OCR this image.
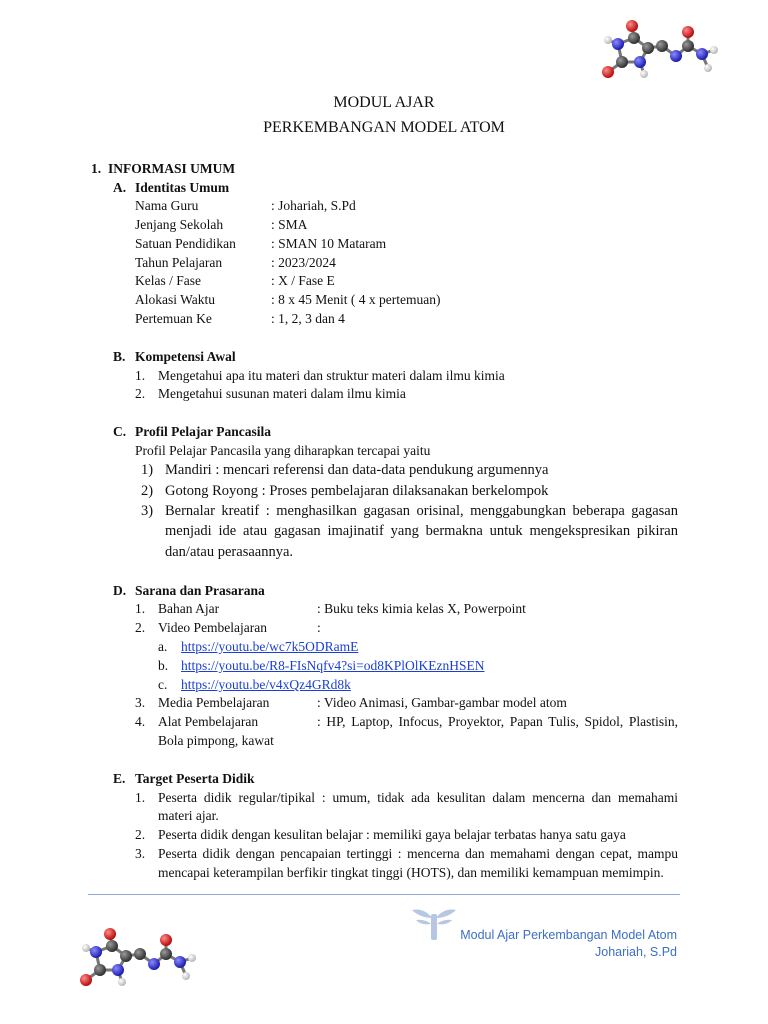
MODUL AJAR
PERKEMBANGAN MODEL ATOM
1. INFORMASI UMUM
A. Identitas Umum
Nama Guru	: Johariah, S.Pd
Jenjang Sekolah	: SMA
Satuan Pendidikan	: SMAN 10 Mataram
Tahun Pelajaran	: 2023/2024
Kelas / Fase	: X / Fase E
Alokasi Waktu	: 8 x 45 Menit ( 4 x pertemuan)
Pertemuan Ke	: 1, 2, 3 dan 4
B. Kompetensi Awal
1. Mengetahui apa itu materi dan struktur materi dalam ilmu kimia
2. Mengetahui susunan materi dalam ilmu kimia
C. Profil Pelajar Pancasila
Profil Pelajar Pancasila yang diharapkan tercapai yaitu
1) Mandiri : mencari referensi dan data-data pendukung argumennya
2) Gotong Royong : Proses pembelajaran dilaksanakan berkelompok
3) Bernalar kreatif : menghasilkan gagasan orisinal, menggabungkan beberapa gagasan
menjadi ide atau gagasan imajinatif yang bermakna untuk mengekspresikan pikiran
dan/atau perasaannya.
D. Sarana dan Prasarana
1. Bahan Ajar	: Buku teks kimia kelas X, Powerpoint
2. Video Pembelajaran	:
a. https://youtu.be/wc7k5ODRamE
b. https://youtu.be/R8-FIsNqfv4?si=od8KPlOlKEznHSEN
c. https://youtu.be/v4xQz4GRd8k
3. Media Pembelajaran	: Video Animasi, Gambar-gambar model atom
4. Alat Pembelajaran	: HP, Laptop, Infocus, Proyektor, Papan Tulis, Spidol, Plastisin,
Bola pimpong, kawat
E. Target Peserta Didik
1. Peserta didik regular/tipikal : umum, tidak ada kesulitan dalam mencerna dan memahami
materi ajar.
2. Peserta didik dengan kesulitan belajar : memiliki gaya belajar terbatas hanya satu gaya
3. Peserta didik dengan pencapaian tertinggi : mencerna dan memahami dengan cepat, mampu
mencapai keterampilan berfikir tingkat tinggi (HOTS), dan memiliki kemampuan memimpin.
Modul Ajar Perkembangan Model Atom
Johariah, S.Pd
